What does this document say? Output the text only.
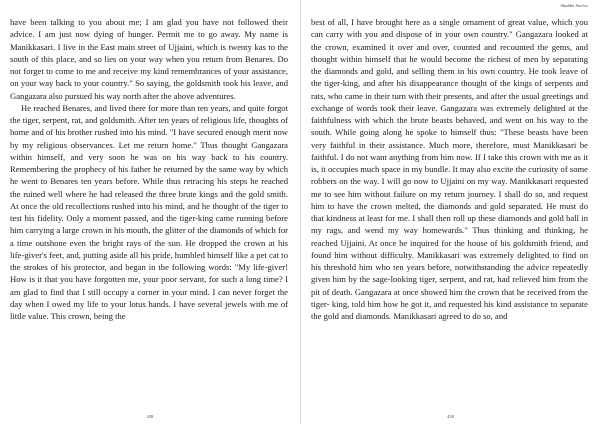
have been talking to you about me; I am glad you have not followed their advice. I am just now dying of hunger. Permit me to go away. My name is Manikkasari. I live in the East main street of Ujjaini, which is twenty kas to the south of this place, and so lies on your way when you return from Benares. Do not forget to come to me and receive my kind remembrances of your assistance, on your way back to your country." So saying, the goldsmith took his leave, and Gangazara also pursued his way north after the above adventures.

He reached Benares, and lived there for more than ten years, and quite forgot the tiger, serpent, rat, and goldsmith. After ten years of religious life, thoughts of home and of his brother rushed into his mind. "I have secured enough merit now by my religious observances. Let me return home." Thus thought Gangazara within himself, and very soon he was on his way back to his country. Remembering the prophecy of his father he returned by the same way by which he went to Benares ten years before. While thus retracing his steps he reached the ruined well where he had released the three brute kings and the gold smith. At once the old recollections rushed into his mind, and he thought of the tiger to test his fidelity. Only a moment passed, and the tiger-king came running before him carrying a large crown in his mouth, the glitter of the diamonds of which for a time outshone even the bright rays of the sun. He dropped the crown at his life-giver's feet, and, putting aside all his pride, humbled himself like a pet cat to the strokes of his protector, and began in the following words: "My life-giver! How is it that you have forgotten me, your poor servant, for such a long time? I am glad to find that I still occupy a corner in your mind. I can never forget the day when I owed my life to your lotus hands. I have several jewels with me of little value. This crown, being the

438
Aladdin Stories

best of all, I have brought here as a single ornament of great value, which you can carry with you and dispose of in your own country." Gangazara looked at the crown, examined it over and over, counted and recounted the gems, and thought within himself that he would become the richest of men by separating the diamonds and gold, and selling them in his own country. He took leave of the tiger-king, and after his disappearance thought of the kings of serpents and rats, who came in their turn with their presents, and after the usual greetings and exchange of words took their leave. Gangazara was extremely delighted at the faithfulness with which the brute beasts behaved, and went on his way to the south. While going along he spoke to himself thus: "These beasts have been very faithful in their assistance. Much more, therefore, must Manikkasari be faithful. I do not want anything from him now. If I take this crown with me as it is, it occupies much space in my bundle. It may also excite the curiosity of some robbers on the way. I will go now to Ujjaini on my way. Manikkasari requested me to see him without failure on my return journey. I shall do so, and request him to have the crown melted, the diamonds and gold separated. He must do that kindness at least for me. I shall then roll up these diamonds and gold ball in my rags, and wend my way homewards." Thus thinking and thinking, he reached Ujjaini. At once he inquired for the house of his goldsmith friend, and found him without difficulty. Manikkasari was extremely delighted to find on his threshold him who ten years before, notwithstanding the advice repeatedly given him by the sage-looking tiger, serpent, and rat, had relieved him from the pit of death. Gangazara at once showed him the crown that he received from the tiger- king, told him how he got it, and requested his kind assistance to separate the gold and diamonds. Manikkasari agreed to do so, and

439
